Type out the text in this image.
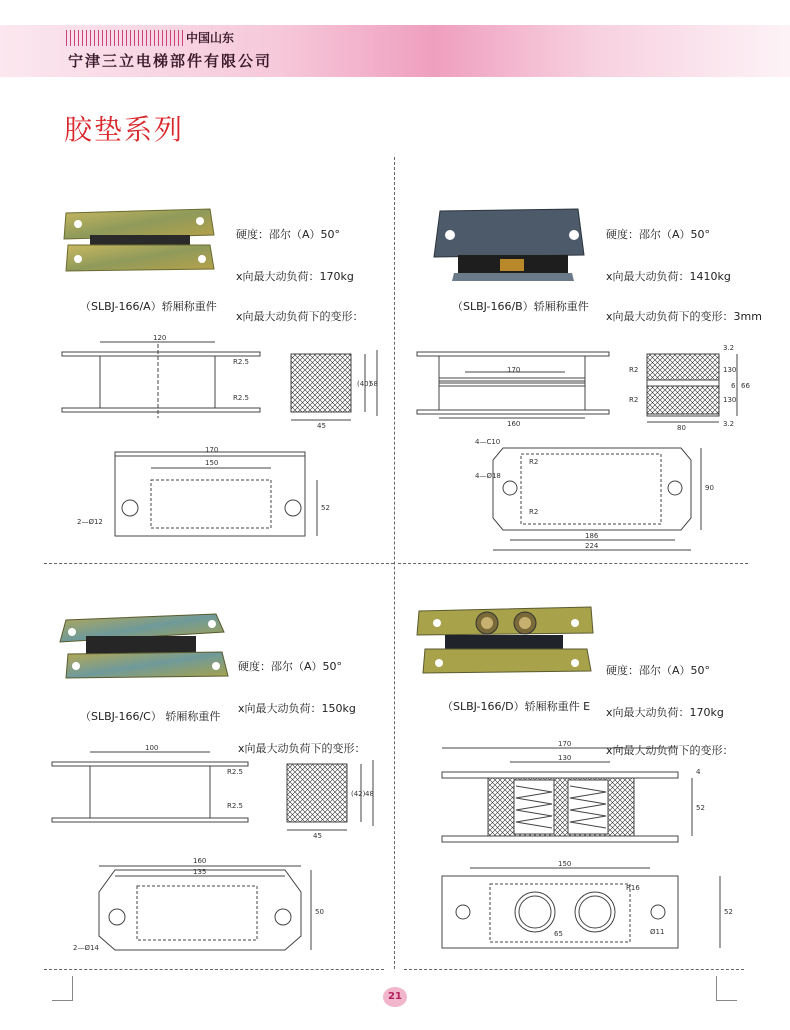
中国山东
宁津三立电梯部件有限公司
胶垫系列
硬度：邵尔（A）50°
x向最大动负荷：170kg
x向最大动负荷下的变形：
（SLBJ-166/A）轿厢称重件
120
R2.5
R2.5
(40)
58
45
170
150
2—Ø12
52
硬度：邵尔（A）50°
x向最大动负荷：1410kg
x向最大动负荷下的变形：3mm
（SLBJ-166/B）轿厢称重件
170
160
R2
R2
80
3.2
3.2
130
130
6 66
4—C10
4—Ø18
R2
R2
186
224
90
硬度：邵尔（A）50°
x向最大动负荷：150kg
x向最大动负荷下的变形：
（SLBJ-166/C） 轿厢称重件
100
R2.5
R2.5
(42) 48
45
160
135
2—Ø14
50
硬度：邵尔（A）50°
x向最大动负荷：170kg
x向最大动负荷下的变形：
（SLBJ-166/D）轿厢称重件 E
170
130
4
52
150
R16
65	Ø11
52
21
